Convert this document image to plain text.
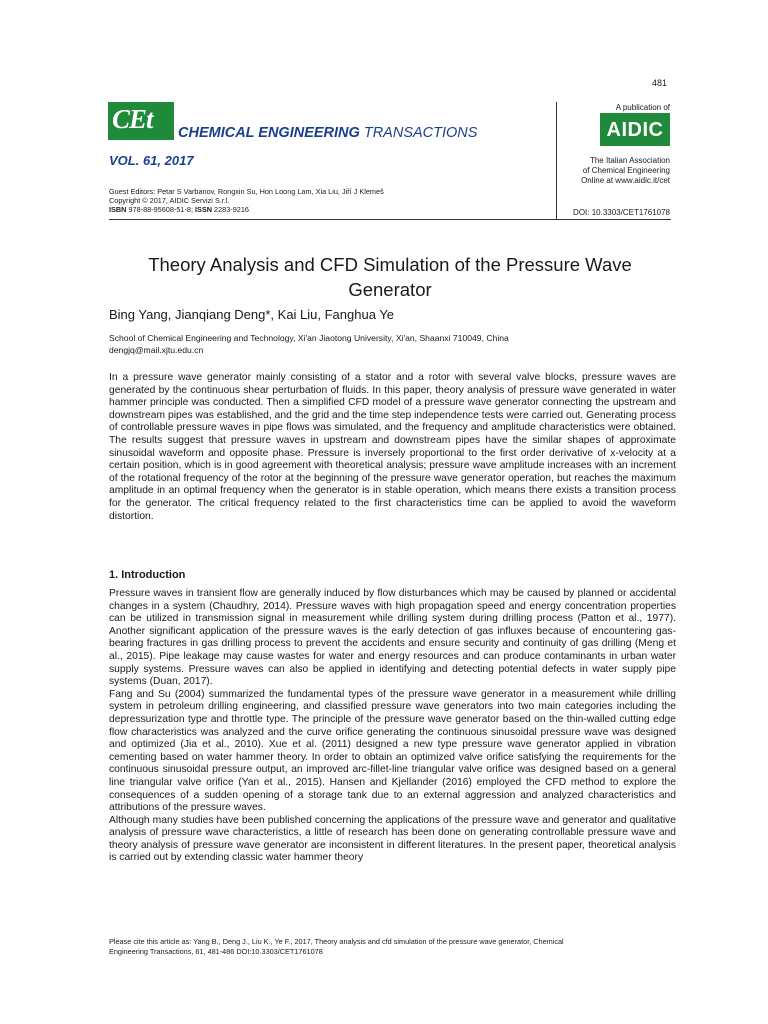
481
CEt CHEMICAL ENGINEERING TRANSACTIONS
VOL. 61, 2017
Guest Editors: Petar S Varbanov, Rongxin Su, Hon Loong Lam, Xia Liu, Jiří J Klemeš
Copyright © 2017, AIDIC Servizi S.r.l.
ISBN 978-88-95608-51-8; ISSN 2283-9216
A publication of
AIDIC
The Italian Association
of Chemical Engineering
Online at www.aidic.it/cet
DOI: 10.3303/CET1761078
Theory Analysis and CFD Simulation of the Pressure Wave
Generator
Bing Yang, Jianqiang Deng*, Kai Liu, Fanghua Ye
School of Chemical Engineering and Technology, Xi'an Jiaotong University, Xi'an, Shaanxi 710049, China
dengjq@mail.xjtu.edu.cn
In a pressure wave generator mainly consisting of a stator and a rotor with several valve blocks, pressure waves are generated by the continuous shear perturbation of fluids. In this paper, theory analysis of pressure wave generated in water hammer principle was conducted. Then a simplified CFD model of a pressure wave generator connecting the upstream and downstream pipes was established, and the grid and the time step independence tests were carried out. Generating process of controllable pressure waves in pipe flows was simulated, and the frequency and amplitude characteristics were obtained. The results suggest that pressure waves in upstream and downstream pipes have the similar shapes of approximate sinusoidal waveform and opposite phase. Pressure is inversely proportional to the first order derivative of x-velocity at a certain position, which is in good agreement with theoretical analysis; pressure wave amplitude increases with an increment of the rotational frequency of the rotor at the beginning of the pressure wave generator operation, but reaches the maximum amplitude in an optimal frequency when the generator is in stable operation, which means there exists a transition process for the generator. The critical frequency related to the first characteristics time can be applied to avoid the waveform distortion.
1. Introduction

Pressure waves in transient flow are generally induced by flow disturbances which may be caused by planned or accidental changes in a system (Chaudhry, 2014). Pressure waves with high propagation speed and energy concentration properties can be utilized in transmission signal in measurement while drilling system during drilling process (Patton et al., 1977). Another significant application of the pressure waves is the early detection of gas influxes because of encountering gas-bearing fractures in gas drilling process to prevent the accidents and ensure security and continuity of gas drilling (Meng et al., 2015). Pipe leakage may cause wastes for water and energy resources and can produce contaminants in urban water supply systems. Pressure waves can also be applied in identifying and detecting potential defects in water supply pipe systems (Duan, 2017).

Fang and Su (2004) summarized the fundamental types of the pressure wave generator in a measurement while drilling system in petroleum drilling engineering, and classified pressure wave generators into two main categories including the depressurization type and throttle type. The principle of the pressure wave generator based on the thin-walled cutting edge flow characteristics was analyzed and the curve orifice generating the continuous sinusoidal pressure wave was designed and optimized (Jia et al., 2010). Xue et al. (2011) designed a new type pressure wave generator applied in vibration cementing based on water hammer theory. In order to obtain an optimized valve orifice satisfying the requirements for the continuous sinusoidal pressure output, an improved arc-fillet-line triangular valve orifice was designed based on a general line triangular valve orifice (Yan et al., 2015). Hansen and Kjellander (2016) employed the CFD method to explore the consequences of a sudden opening of a storage tank due to an external aggression and analyzed characteristics and attributions of the pressure waves.

Although many studies have been published concerning the applications of the pressure wave and generator and qualitative analysis of pressure wave characteristics, a little of research has been done on generating controllable pressure wave and theory analysis of pressure wave generator are inconsistent in different literatures. In the present paper, theoretical analysis is carried out by extending classic water hammer theory

Please cite this article as: Yang B., Deng J., Liu K., Ye F., 2017, Theory analysis and cfd simulation of the pressure wave generator, Chemical
Engineering Transactions, 61, 481-486 DOI:10.3303/CET1761078
